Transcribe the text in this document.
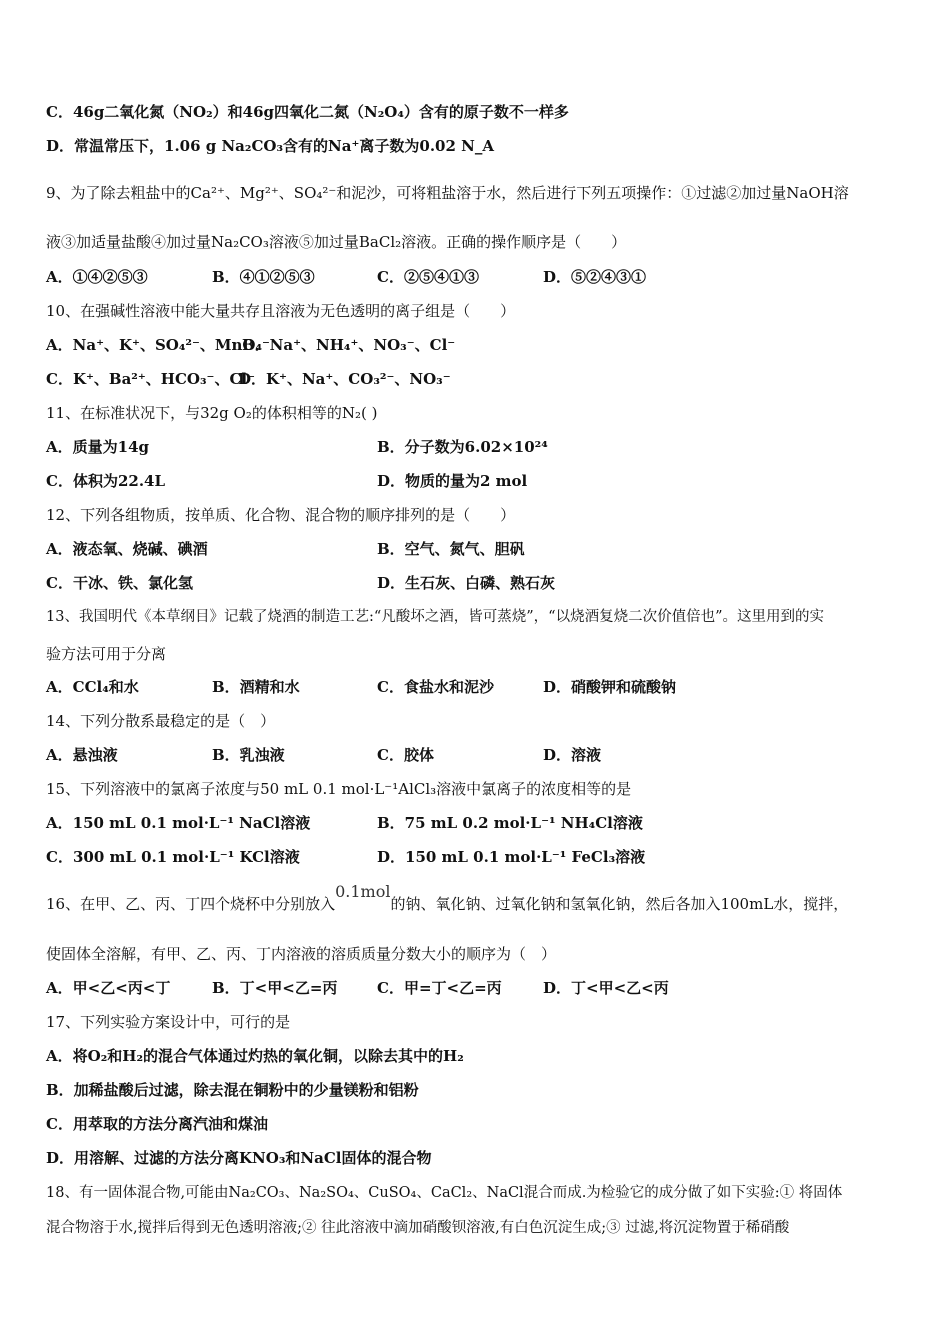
C．46g二氧化氮（NO₂）和46g四氧化二氮（N₂O₄）含有的原子数不一样多
D．常温常压下，1.06 g Na₂CO₃含有的Na⁺离子数为0.02 N_A
9、为了除去粗盐中的Ca²⁺、Mg²⁺、SO₄²⁻和泥沙，可将粗盐溶于水，然后进行下列五项操作：①过滤②加过量NaOH溶
液③加适量盐酸④加过量Na₂CO₃溶液⑤加过量BaCl₂溶液。正确的操作顺序是（　　）
A．①④②⑤③	B．④①②⑤③	C．②⑤④①③	D．⑤②④③①
10、在强碱性溶液中能大量共存且溶液为无色透明的离子组是（　　）
A．Na⁺、K⁺、SO₄²⁻、MnO₄⁻
B．Na⁺、NH₄⁺、NO₃⁻、Cl⁻
C．K⁺、Ba²⁺、HCO₃⁻、Cl⁻
D．K⁺、Na⁺、CO₃²⁻、NO₃⁻
11、在标准状况下，与32g O₂的体积相等的N₂( )
A．质量为14g	B．分子数为6.02×10²⁴
C．体积为22.4L	D．物质的量为2 mol
12、下列各组物质，按单质、化合物、混合物的顺序排列的是（　　）
A．液态氧、烧碱、碘酒	B．空气、氮气、胆矾
C．干冰、铁、氯化氢	D．生石灰、白磷、熟石灰
13、我国明代《本草纲目》记载了烧酒的制造工艺:“凡酸坏之酒，皆可蒸烧”，“以烧酒复烧二次价值倍也”。这里用到的实
验方法可用于分离
A．CCl₄和水	B．酒精和水	C．食盐水和泥沙	D．硝酸钾和硫酸钠
14、下列分散系最稳定的是（　）
A．悬浊液	B．乳浊液	C．胶体	D．溶液
15、下列溶液中的氯离子浓度与50 mL 0.1 mol·L⁻¹AlCl₃溶液中氯离子的浓度相等的是
A．150 mL 0.1 mol·L⁻¹ NaCl溶液	B．75 mL 0.2 mol·L⁻¹ NH₄Cl溶液
C．300 mL 0.1 mol·L⁻¹ KCl溶液	D．150 mL 0.1 mol·L⁻¹ FeCl₃溶液
16、在甲、乙、丙、丁四个烧杯中分别放入0.1mol的钠、氧化钠、过氧化钠和氢氧化钠，然后各加入100mL水，搅拌，
使固体全溶解，有甲、乙、丙、丁内溶液的溶质质量分数大小的顺序为（　）
A．甲<乙<丙<丁	B．丁<甲<乙=丙	C．甲=丁<乙=丙	D．丁<甲<乙<丙
17、下列实验方案设计中，可行的是
A．将O₂和H₂的混合气体通过灼热的氧化铜，以除去其中的H₂
B．加稀盐酸后过滤，除去混在铜粉中的少量镁粉和铝粉
C．用萃取的方法分离汽油和煤油
D．用溶解、过滤的方法分离KNO₃和NaCl固体的混合物
18、有一固体混合物,可能由Na₂CO₃、Na₂SO₄、CuSO₄、CaCl₂、NaCl混合而成.为检验它的成分做了如下实验:① 将固体
混合物溶于水,搅拌后得到无色透明溶液;② 往此溶液中滴加硝酸钡溶液,有白色沉淀生成;③ 过滤,将沉淀物置于稀硝酸
